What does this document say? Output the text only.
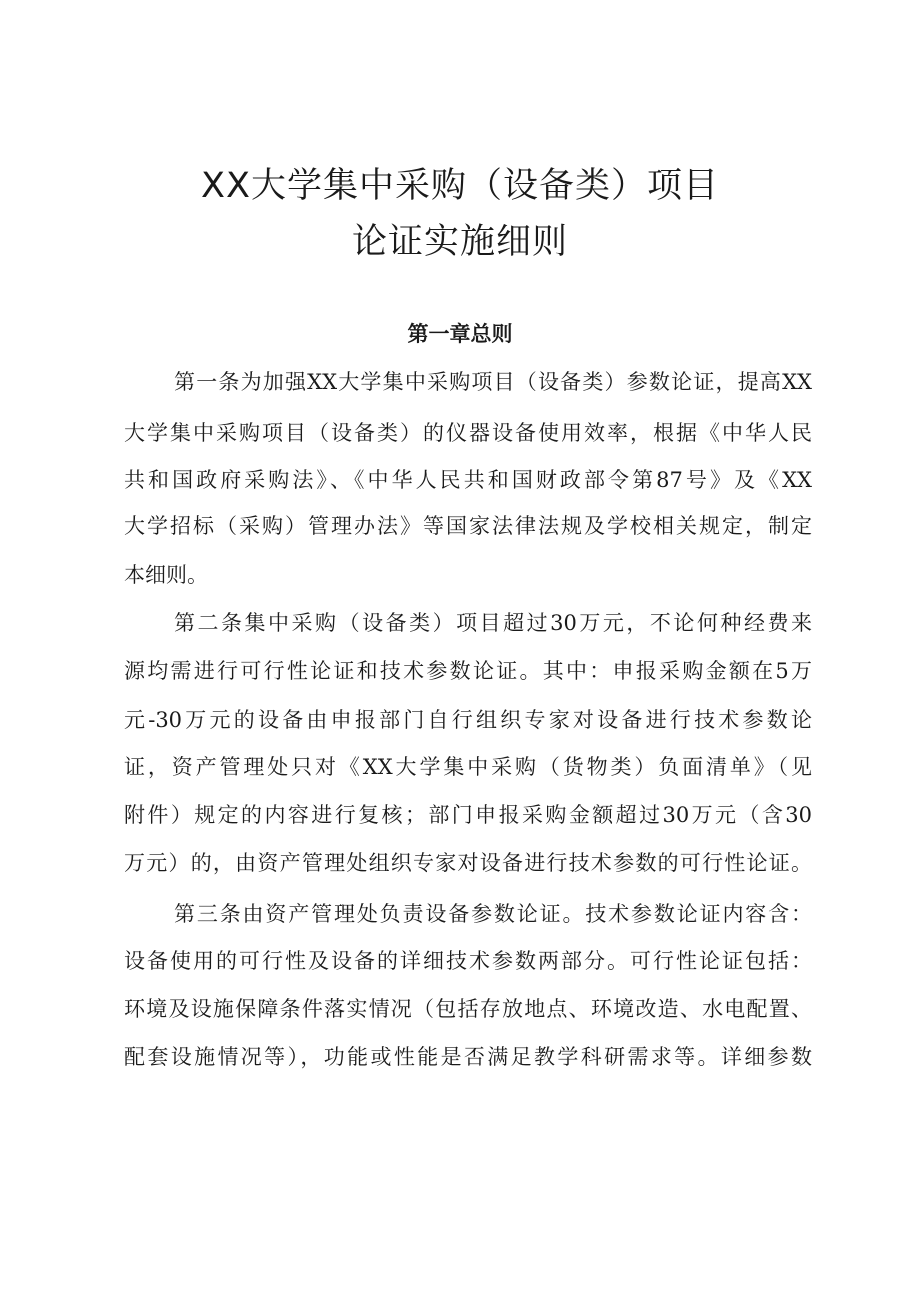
XX大学集中采购（设备类）项目
论证实施细则
第一章总则

第一条为加强XX大学集中采购项目（设备类）参数论证，提高XX

大学集中采购项目（设备类）的仪器设备使用效率，根据《中华人民

共和国政府采购法》、《中华人民共和国财政部令第87号》及《XX

大学招标（采购）管理办法》等国家法律法规及学校相关规定，制定

本细则。

第二条集中采购（设备类）项目超过30万元，不论何种经费来

源均需进行可行性论证和技术参数论证。其中：申报采购金额在5万

元-30万元的设备由申报部门自行组织专家对设备进行技术参数论

证，资产管理处只对《XX大学集中采购（货物类）负面清单》（见

附件）规定的内容进行复核；部门申报采购金额超过30万元（含30

万元）的，由资产管理处组织专家对设备进行技术参数的可行性论证。

第三条由资产管理处负责设备参数论证。技术参数论证内容含：

设备使用的可行性及设备的详细技术参数两部分。可行性论证包括：

环境及设施保障条件落实情况（包括存放地点、环境改造、水电配置、

配套设施情况等），功能或性能是否满足教学科研需求等。详细参数
